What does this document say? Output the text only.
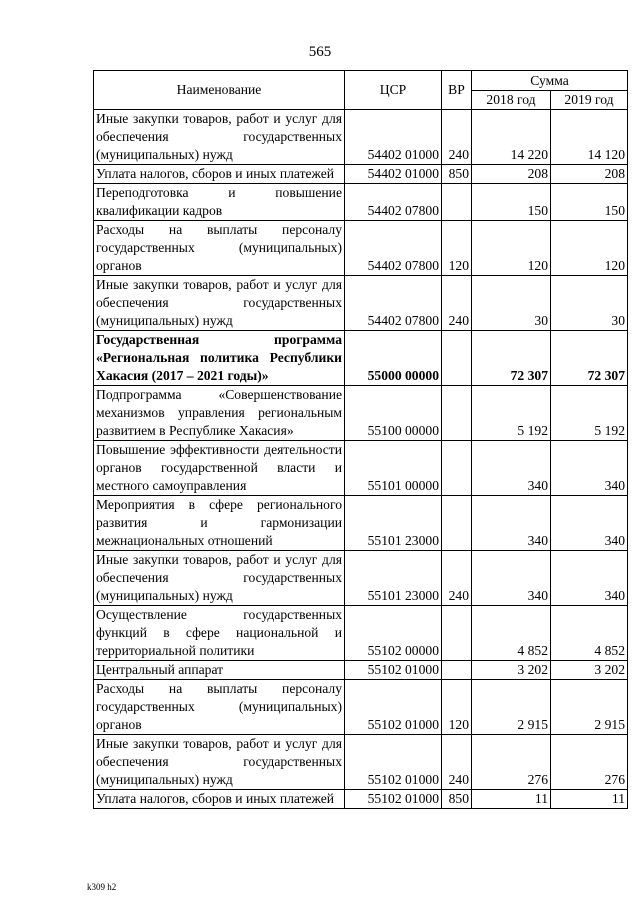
565
Наименование	ЦСР	ВР	Сумма	
			2018 год	2019 год
Иные закупки товаров, работ и услуг для обеспечения государственных (муниципальных) нужд	54402 01000	240	14 220	14 120
Уплата налогов, сборов и иных платежей	54402 01000	850	208	208
Переподготовка и повышение квалификации кадров	54402 07800		150	150
Расходы на выплаты персоналу государственных (муниципальных) органов	54402 07800	120	120	120
Иные закупки товаров, работ и услуг для обеспечения государственных (муниципальных) нужд	54402 07800	240	30	30
Государственная программа «Региональная политика Республики Хакасия (2017 – 2021 годы)»	55000 00000		72 307	72 307
Подпрограмма «Совершенствование механизмов управления региональным развитием в Республике Хакасия»	55100 00000		5 192	5 192
Повышение эффективности деятельности органов государственной власти и местного самоуправления	55101 00000		340	340
Мероприятия в сфере регионального развития и гармонизации межнациональных отношений	55101 23000		340	340
Иные закупки товаров, работ и услуг для обеспечения государственных (муниципальных) нужд	55101 23000	240	340	340
Осуществление государственных функций в сфере национальной и территориальной политики	55102 00000		4 852	4 852
Центральный аппарат	55102 01000		3 202	3 202
Расходы на выплаты персоналу государственных (муниципальных) органов	55102 01000	120	2 915	2 915
Иные закупки товаров, работ и услуг для обеспечения государственных (муниципальных) нужд	55102 01000	240	276	276
Уплата налогов, сборов и иных платежей	55102 01000	850	11	11
k309 h2
